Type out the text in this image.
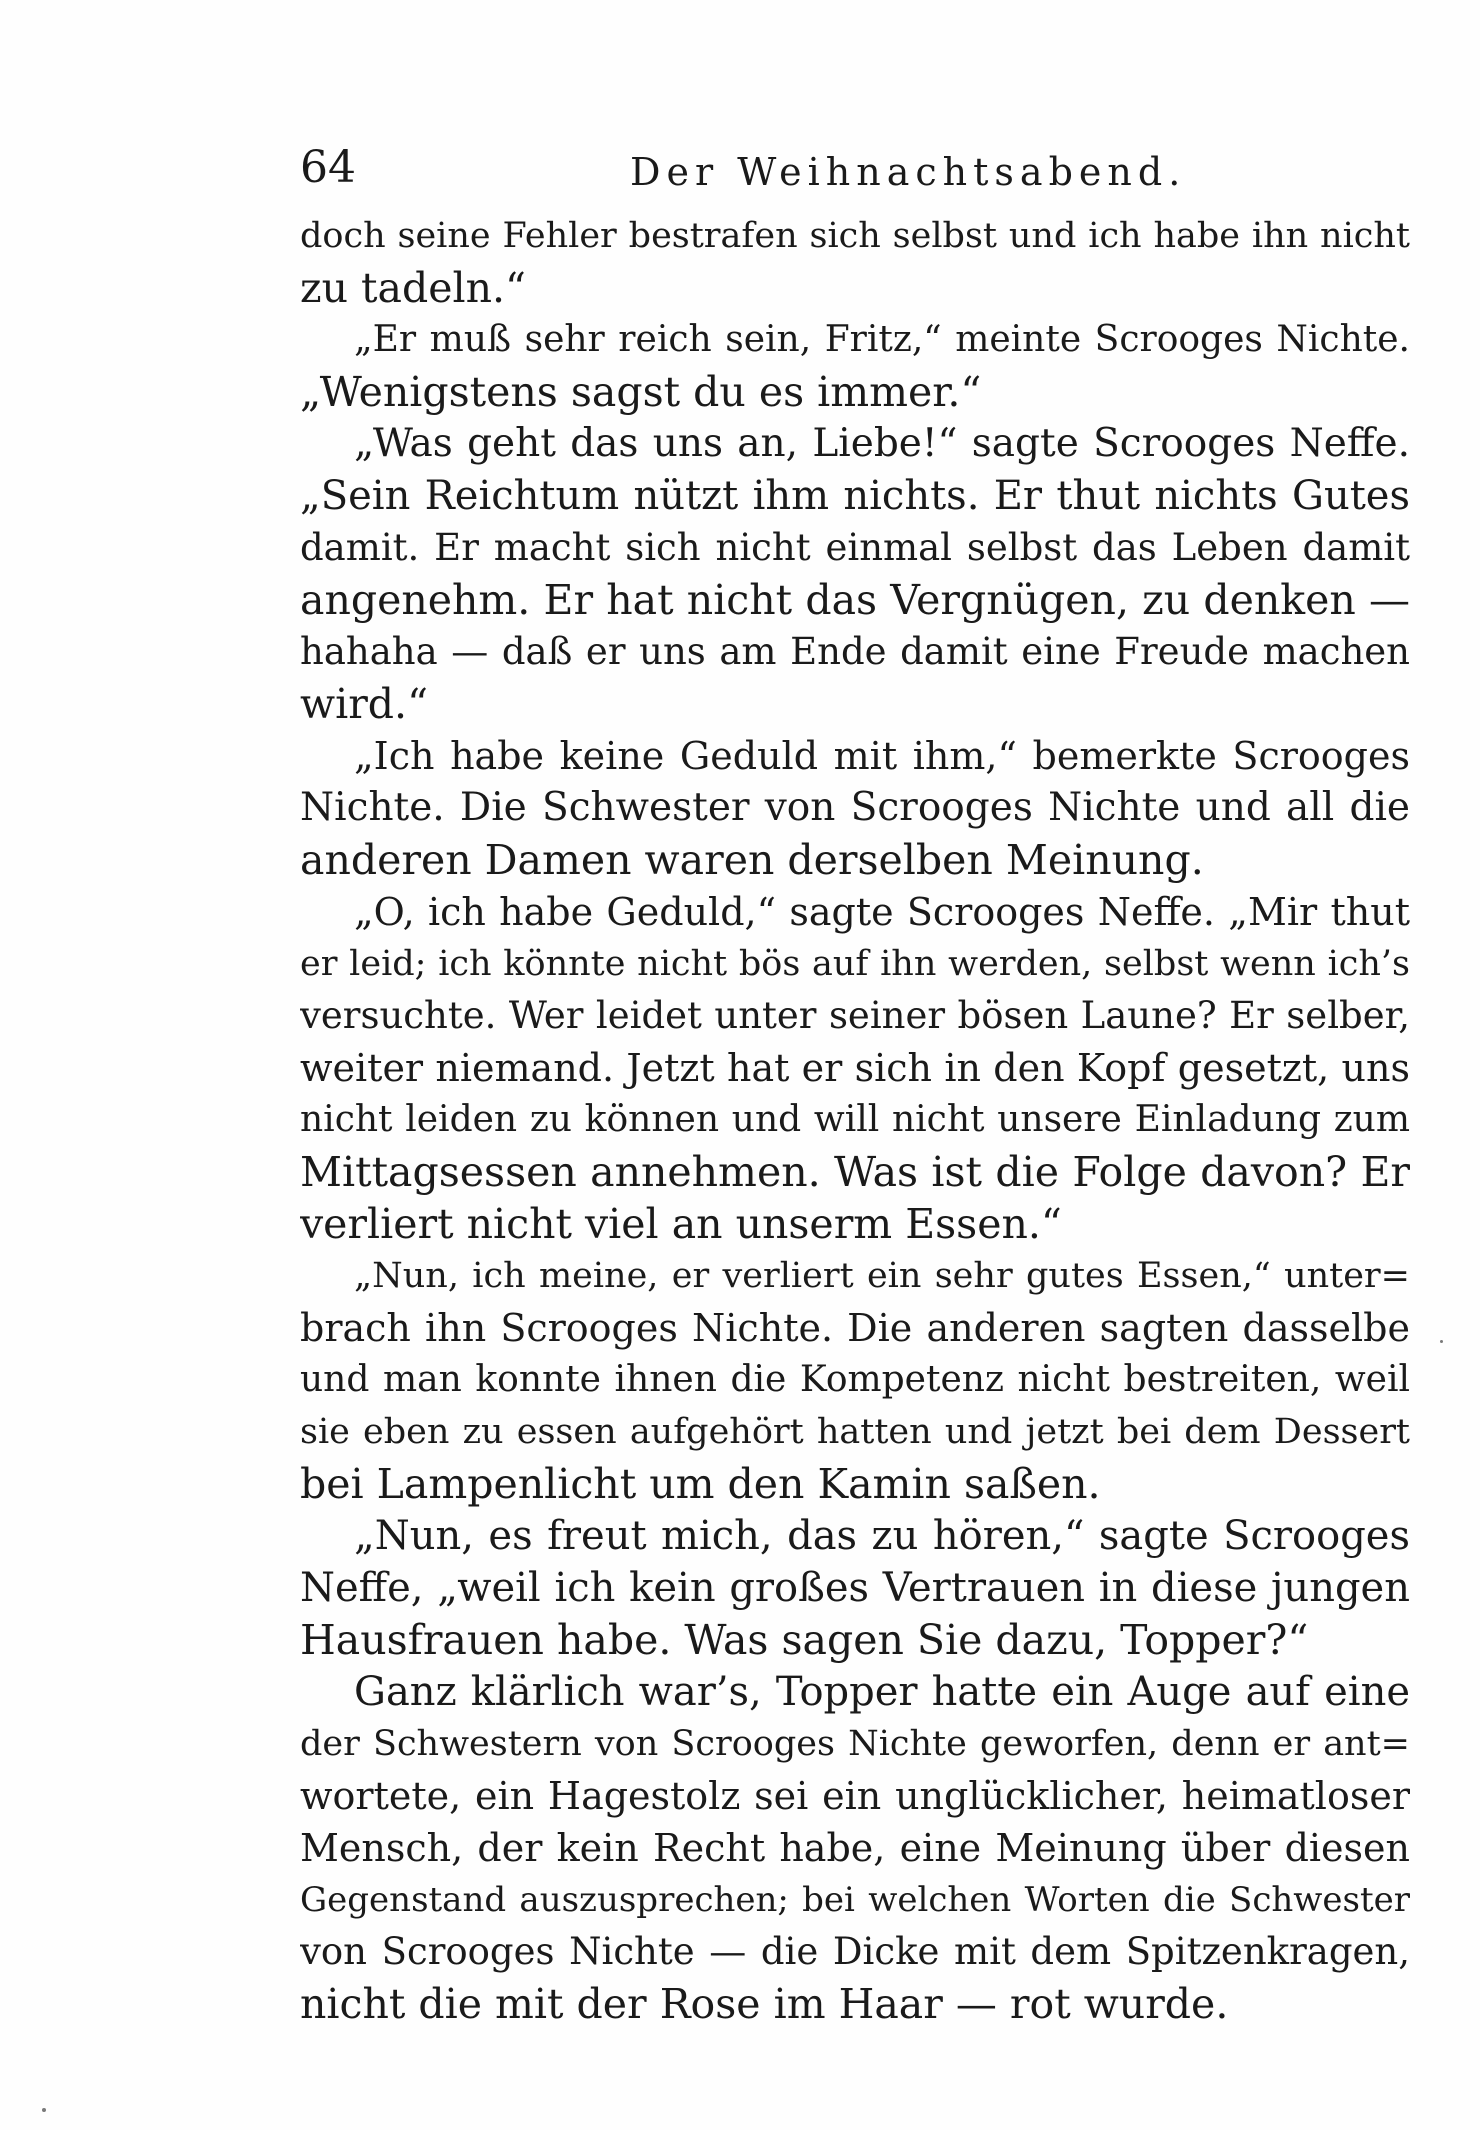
64	Der Weihnachtsabend.
doch seine Fehler bestrafen sich selbst und ich habe ihn nicht
zu tadeln.“
„Er muß sehr reich sein, Fritz,“ meinte Scrooges Nichte.
„Wenigstens sagst du es immer.“
„Was geht das uns an, Liebe!“ sagte Scrooges Neffe.
„Sein Reichtum nützt ihm nichts. Er thut nichts Gutes
damit. Er macht sich nicht einmal selbst das Leben damit
angenehm. Er hat nicht das Vergnügen, zu denken —
hahaha — daß er uns am Ende damit eine Freude machen
wird.“
„Ich habe keine Geduld mit ihm,“ bemerkte Scrooges
Nichte. Die Schwester von Scrooges Nichte und all die
anderen Damen waren derselben Meinung.
„O, ich habe Geduld,“ sagte Scrooges Neffe. „Mir thut
er leid; ich könnte nicht bös auf ihn werden, selbst wenn ich’s
versuchte. Wer leidet unter seiner bösen Laune? Er selber,
weiter niemand. Jetzt hat er sich in den Kopf gesetzt, uns
nicht leiden zu können und will nicht unsere Einladung zum
Mittagsessen annehmen. Was ist die Folge davon? Er
verliert nicht viel an unserm Essen.“
„Nun, ich meine, er verliert ein sehr gutes Essen,“ unter=
brach ihn Scrooges Nichte. Die anderen sagten dasselbe
und man konnte ihnen die Kompetenz nicht bestreiten, weil
sie eben zu essen aufgehört hatten und jetzt bei dem Dessert
bei Lampenlicht um den Kamin saßen.
„Nun, es freut mich, das zu hören,“ sagte Scrooges
Neffe, „weil ich kein großes Vertrauen in diese jungen
Hausfrauen habe. Was sagen Sie dazu, Topper?“
Ganz klärlich war’s, Topper hatte ein Auge auf eine
der Schwestern von Scrooges Nichte geworfen, denn er ant=
wortete, ein Hagestolz sei ein unglücklicher, heimatloser
Mensch, der kein Recht habe, eine Meinung über diesen
Gegenstand auszusprechen; bei welchen Worten die Schwester
von Scrooges Nichte — die Dicke mit dem Spitzenkragen,
nicht die mit der Rose im Haar — rot wurde.
